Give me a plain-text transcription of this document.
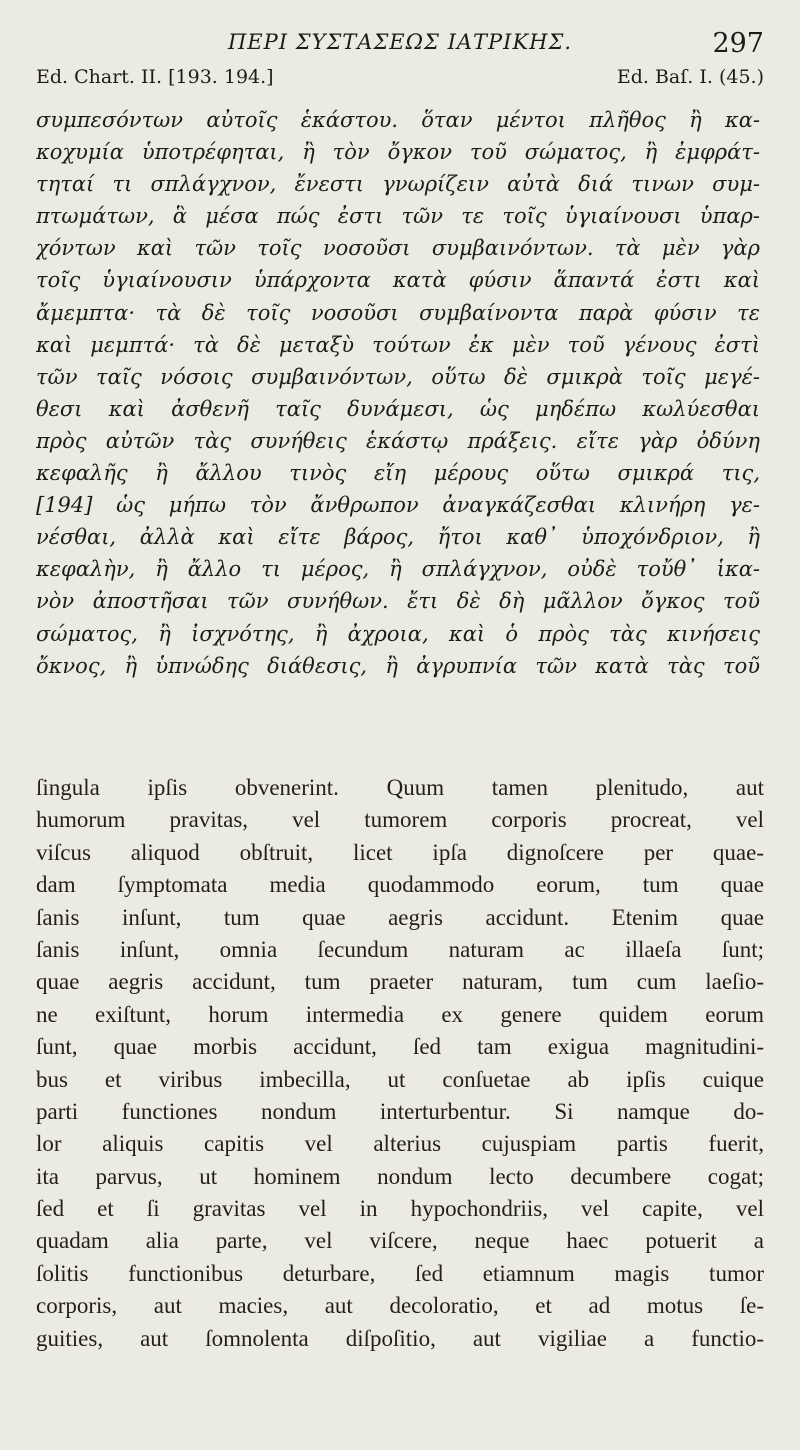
ΠΕΡΙ ΣΥΣΤΑΣΕΩΣ ΙΑΤΡΙΚΗΣ.	297
Ed. Chart. II. [193. 194.]	Ed. Baſ. I. (45.)
συμπεσόντων αὐτοῖς ἑκάστου. ὅταν μέντοι πλῆθος ἢ κα-
κοχυμία ὑποτρέφηται, ἢ τὸν ὄγκον τοῦ σώματος, ἢ ἐμφράτ-
τηταί τι σπλάγχνον, ἔνεστι γνωρίζειν αὐτὰ διά τινων συμ-
πτωμάτων, ἃ μέσα πώς ἐστι τῶν τε τοῖς ὑγιαίνουσι ὑπαρ-
χόντων καὶ τῶν τοῖς νοσοῦσι συμβαινόντων. τὰ μὲν γὰρ
τοῖς ὑγιαίνουσιν ὑπάρχοντα κατὰ φύσιν ἅπαντά ἐστι καὶ
ἄμεμπτα· τὰ δὲ τοῖς νοσοῦσι συμβαίνοντα παρὰ φύσιν τε
καὶ μεμπτά· τὰ δὲ μεταξὺ τούτων ἐκ μὲν τοῦ γένους ἐστὶ
τῶν ταῖς νόσοις συμβαινόντων, οὕτω δὲ σμικρὰ τοῖς μεγέ-
θεσι καὶ ἀσθενῆ ταῖς δυνάμεσι, ὡς μηδέπω κωλύεσθαι
πρὸς αὐτῶν τὰς συνήθεις ἑκάστῳ πράξεις. εἴτε γὰρ ὀδύνη
κεφαλῆς ἢ ἄλλου τινὸς εἴη μέρους οὕτω σμικρά τις,
[194] ὡς μήπω τὸν ἄνθρωπον ἀναγκάζεσθαι κλινήρη γε-
νέσθαι, ἀλλὰ καὶ εἴτε βάρος, ἤτοι καθ᾽ ὑποχόνδριον, ἢ
κεφαλὴν, ἢ ἄλλο τι μέρος, ἢ σπλάγχνον, οὐδὲ τοὔθ᾽ ἱκα-
νὸν ἀποστῆσαι τῶν συνήθων. ἔτι δὲ δὴ μᾶλλον ὄγκος τοῦ
σώματος, ἢ ἰσχνότης, ἢ ἀχροια, καὶ ὁ πρὸς τὰς κινήσεις
ὄκνος, ἢ ὑπνώδης διάθεσις, ἢ ἀγρυπνία τῶν κατὰ τὰς τοῦ
ſingula ipſis obvenerint. Quum tamen plenitudo, aut
humorum pravitas, vel tumorem corporis procreat, vel
viſcus aliquod obſtruit, licet ipſa dignoſcere per quae-
dam ſymptomata media quodammodo eorum, tum quae
ſanis inſunt, tum quae aegris accidunt. Etenim quae
ſanis inſunt, omnia ſecundum naturam ac illaeſa ſunt;
quae aegris accidunt, tum praeter naturam, tum cum laeſio-
ne exiſtunt, horum intermedia ex genere quidem eorum
ſunt, quae morbis accidunt, ſed tam exigua magnitudini-
bus et viribus imbecilla, ut conſuetae ab ipſis cuique
parti functiones nondum interturbentur. Si namque do-
lor aliquis capitis vel alterius cujuspiam partis fuerit,
ita parvus, ut hominem nondum lecto decumbere cogat;
ſed et ſi gravitas vel in hypochondriis, vel capite, vel
quadam alia parte, vel viſcere, neque haec potuerit a
ſolitis functionibus deturbare, ſed etiamnum magis tumor
corporis, aut macies, aut decoloratio, et ad motus ſe-
guities, aut ſomnolenta diſpoſitio, aut vigiliae a functio-
